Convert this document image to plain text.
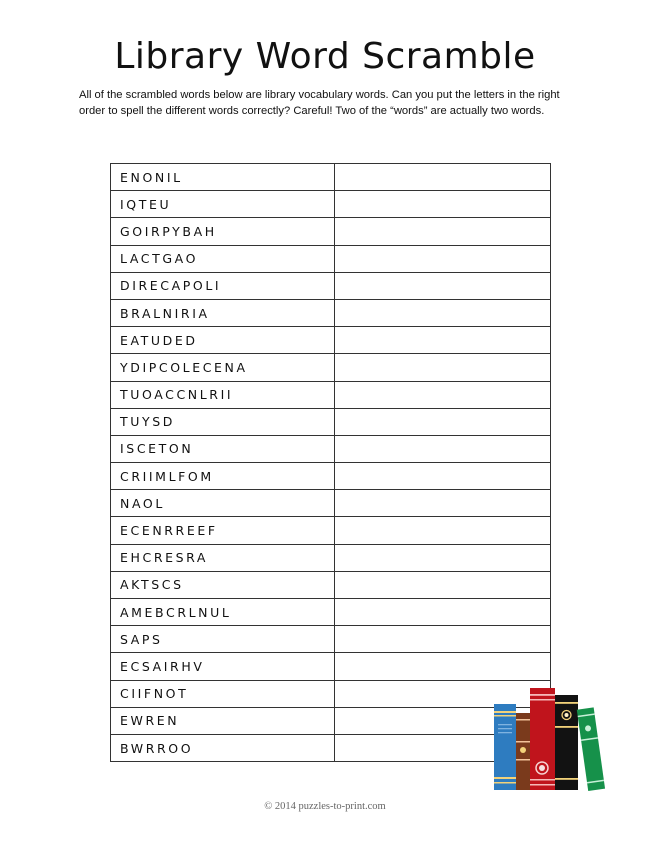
Library Word Scramble
All of the scrambled words below are library vocabulary words. Can you put the letters in the right order to spell the different words correctly? Careful! Two of the “words” are actually two words.
ENONIL	
IQTEU	
GOIRPYBAH	
LACTGAO	
DIRECAPOLI	
BRALNIRIA	
EATUDED	
YDIPCOLECENA	
TUOACCNLRII	
TUYSD	
ISCETON	
CRIIMLFOM	
NAOL	
ECENRREEF	
EHCRESRA	
AKTSCS	
AMEBCRLNUL	
SAPS	
ECSAIRHV	
CIIFNOT	
EWREN	
BWRROO	
© 2014 puzzles-to-print.com
